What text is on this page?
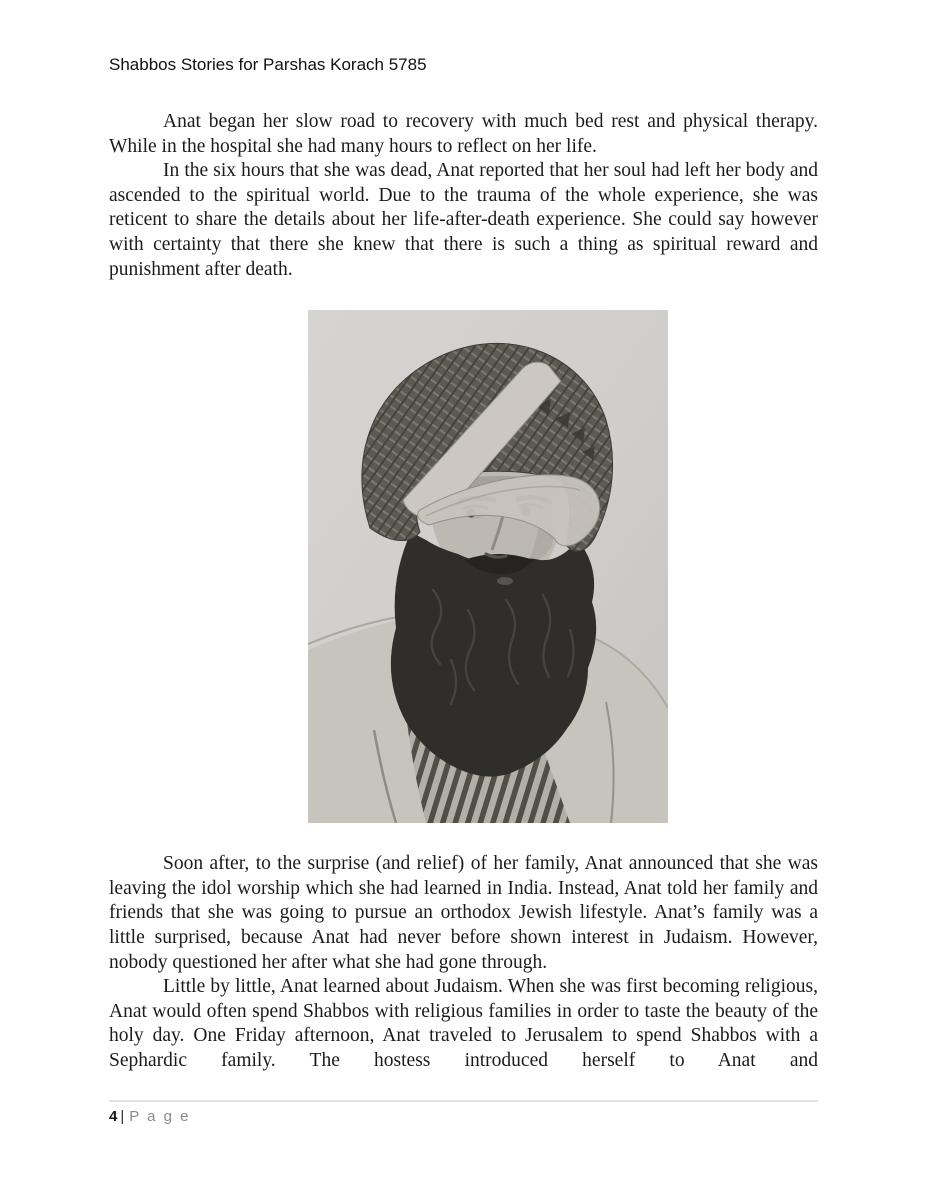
Shabbos Stories for Parshas Korach 5785

Anat began her slow road to recovery with much bed rest and physical therapy. While in the hospital she had many hours to reflect on her life.

In the six hours that she was dead, Anat reported that her soul had left her body and ascended to the spiritual world. Due to the trauma of the whole experience, she was reticent to share the details about her life-after-death experience. She could say however with certainty that there she knew that there is such a thing as spiritual reward and punishment after death.

Soon after, to the surprise (and relief) of her family, Anat announced that she was leaving the idol worship which she had learned in India. Instead, Anat told her family and friends that she was going to pursue an orthodox Jewish lifestyle. Anat’s family was a little surprised, because Anat had never before shown interest in Judaism. However, nobody questioned her after what she had gone through.

Little by little, Anat learned about Judaism. When she was first becoming religious, Anat would often spend Shabbos with religious families in order to taste the beauty of the holy day. One Friday afternoon, Anat traveled to Jerusalem to spend Shabbos with a Sephardic family. The hostess introduced herself to Anat and

4 | P a g e
